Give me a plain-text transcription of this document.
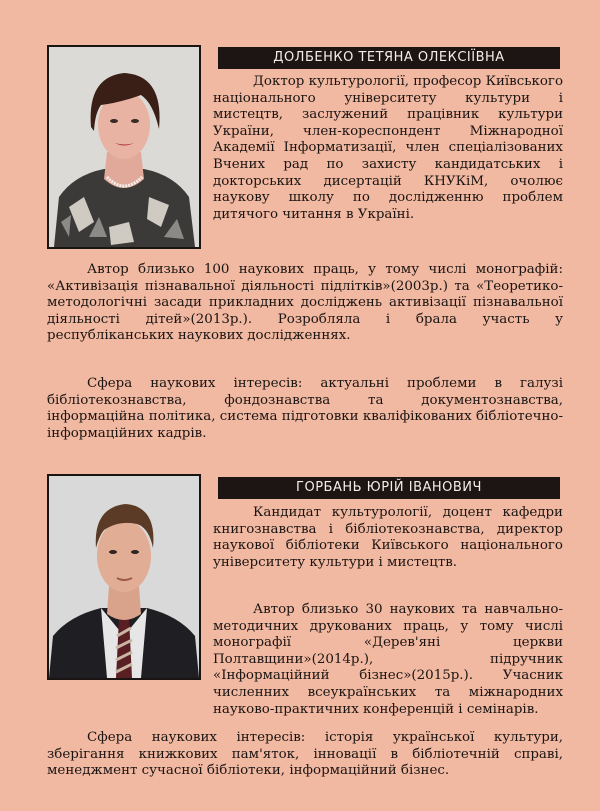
ДОЛБЕНКО ТЕТЯНА ОЛЕКСІЇВНА

Доктор культурології, професор Київського національного університету культури і мистецтв, заслужений працівник культури України, член-кореспондент Міжнародної Академії Інформатизації, член спеціалізованих Вчених рад по захисту кандидатських і докторських дисертацій КНУКіМ, очолює наукову школу по дослідженню проблем дитячого читання в Україні.

Автор близько 100 наукових праць, у тому числі монографій: «Активізація пізнавальної діяльності підлітків»(2003р.) та «Теоретико-методологічні засади прикладних досліджень активізації пізнавальної діяльності дітей»(2013р.). Розробляла і брала участь у республіканських наукових дослідженнях.

Сфера наукових інтересів: актуальні проблеми в галузі бібліотекознавства, фондознавства та документознавства, інформаційна політика, система підготовки кваліфікованих бібліотечно-інформаційних кадрів.

ГОРБАНЬ ЮРІЙ ІВАНОВИЧ

Кандидат культурології, доцент кафедри книгознавства і бібліотекознавства, директор наукової бібліотеки Київського національного університету культури і мистецтв.

Автор близько 30 наукових та навчально-методичних друкованих праць, у тому числі монографії «Дерев'яні церкви Полтавщини»(2014р.), підручник «Інформаційний бізнес»(2015р.). Учасник численних всеукраїнських та міжнародних науково-практичних конференцій і семінарів.

Сфера наукових інтересів: історія української культури, зберігання книжкових пам'яток, інновації в бібліотечній справі, менеджмент сучасної бібліотеки, інформаційний бізнес.
